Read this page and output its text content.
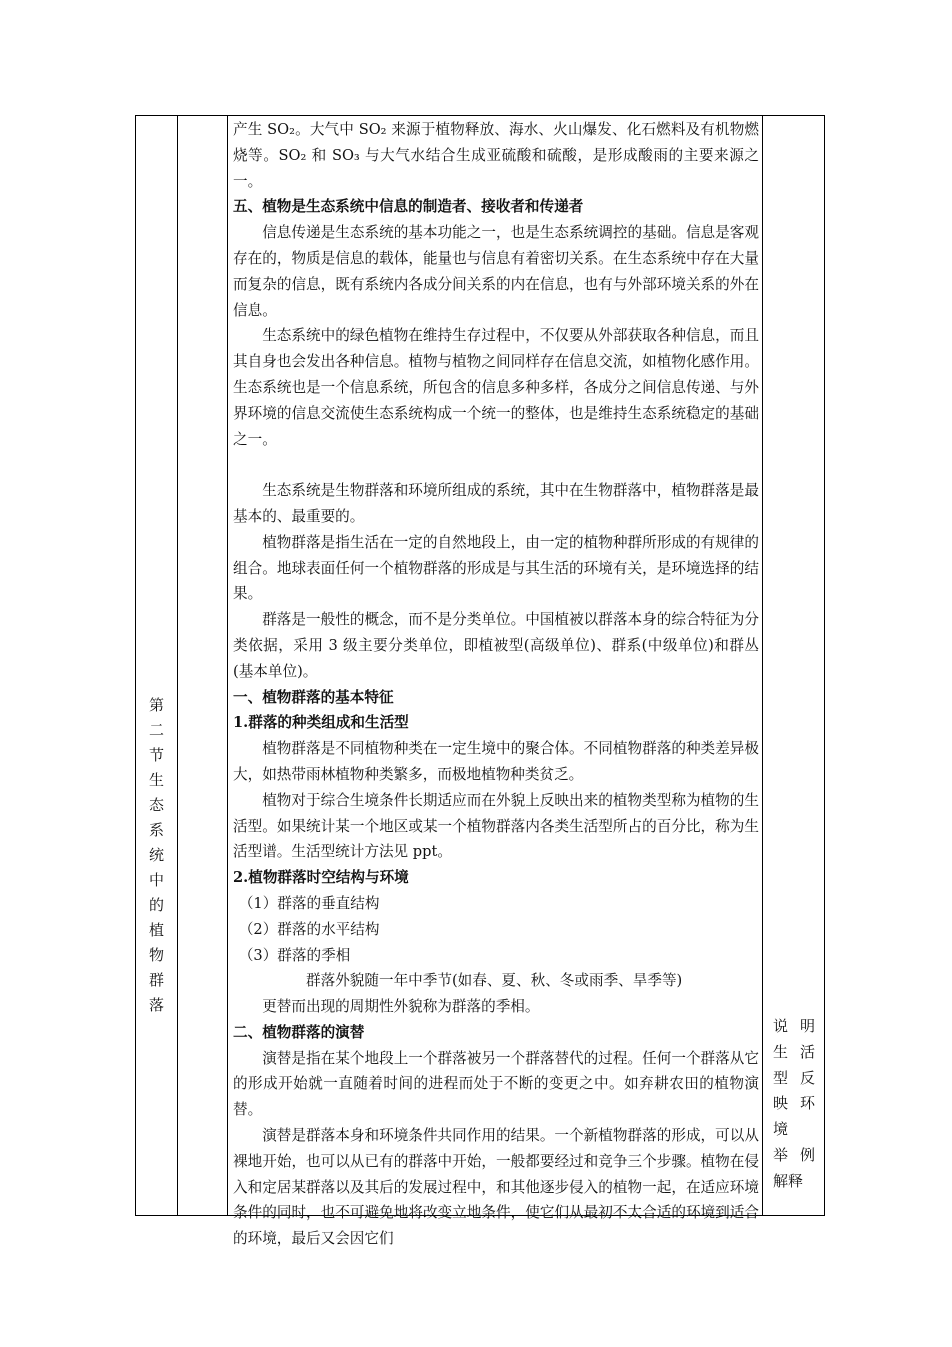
第
二
节
生
态
系
统
中
的
植
物
群
落

产生 SO₂。大气中 SO₂ 来源于植物释放、海水、火山爆发、化石燃料及有机物燃烧等。SO₂ 和 SO₃ 与大气水结合生成亚硫酸和硫酸，是形成酸雨的主要来源之一。

五、植物是生态系统中信息的制造者、接收者和传递者

信息传递是生态系统的基本功能之一，也是生态系统调控的基础。信息是客观存在的，物质是信息的载体，能量也与信息有着密切关系。在生态系统中存在大量而复杂的信息，既有系统内各成分间关系的内在信息，也有与外部环境关系的外在信息。

生态系统中的绿色植物在维持生存过程中，不仅要从外部获取各种信息，而且其自身也会发出各种信息。植物与植物之间同样存在信息交流，如植物化感作用。生态系统也是一个信息系统，所包含的信息多种多样，各成分之间信息传递、与外界环境的信息交流使生态系统构成一个统一的整体，也是维持生态系统稳定的基础之一。

生态系统是生物群落和环境所组成的系统，其中在生物群落中，植物群落是最基本的、最重要的。

植物群落是指生活在一定的自然地段上，由一定的植物种群所形成的有规律的组合。地球表面任何一个植物群落的形成是与其生活的环境有关，是环境选择的结果。

群落是一般性的概念，而不是分类单位。中国植被以群落本身的综合特征为分类依据，采用 3 级主要分类单位，即植被型(高级单位)、群系(中级单位)和群丛(基本单位)。

一、植物群落的基本特征

1.群落的种类组成和生活型

植物群落是不同植物种类在一定生境中的聚合体。不同植物群落的种类差异极大，如热带雨林植物种类繁多，而极地植物种类贫乏。

植物对于综合生境条件长期适应而在外貌上反映出来的植物类型称为植物的生活型。如果统计某一个地区或某一个植物群落内各类生活型所占的百分比，称为生活型谱。生活型统计方法见 ppt。

2.植物群落时空结构与环境

（1）群落的垂直结构

（2）群落的水平结构

（3）群落的季相

群落外貌随一年中季节(如春、夏、秋、冬或雨季、旱季等)

更替而出现的周期性外貌称为群落的季相。

二、植物群落的演替

演替是指在某个地段上一个群落被另一个群落替代的过程。任何一个群落从它的形成开始就一直随着时间的进程而处于不断的变更之中。如弃耕农田的植物演替。

演替是群落本身和环境条件共同作用的结果。一个新植物群落的形成，可以从裸地开始，也可以从已有的群落中开始，一般都要经过和竞争三个步骤。植物在侵入和定居某群落以及其后的发展过程中，和其他逐步侵入的植物一起，在适应环境条件的同时，也不可避免地将改变立地条件，使它们从最初不太合适的环境到适合的环境，最后又会因它们

说 明
生 活
型 反
映 环
境
举 例
解释
